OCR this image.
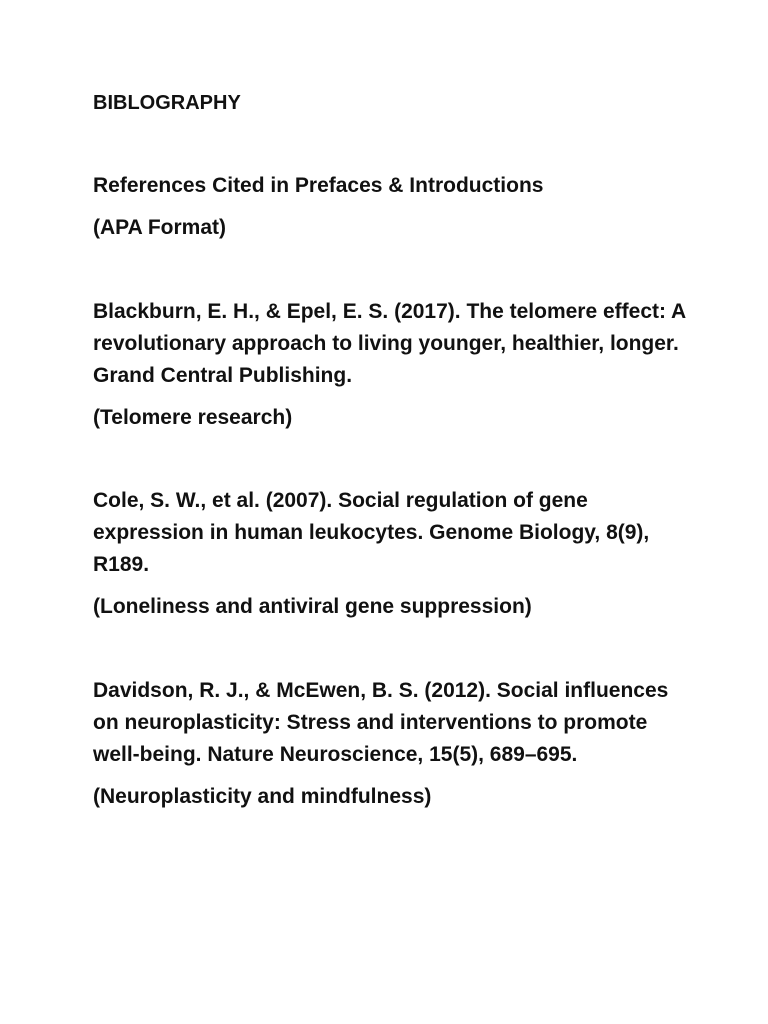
BIBLOGRAPHY
References Cited in Prefaces & Introductions
(APA Format)

Blackburn, E. H., & Epel, E. S. (2017). The telomere effect: A revolutionary approach to living younger, healthier, longer. Grand Central Publishing.

(Telomere research)

Cole, S. W., et al. (2007). Social regulation of gene expression in human leukocytes. Genome Biology, 8(9), R189.

(Loneliness and antiviral gene suppression)

Davidson, R. J., & McEwen, B. S. (2012). Social influences on neuroplasticity: Stress and interventions to promote well-being. Nature Neuroscience, 15(5), 689–695.

(Neuroplasticity and mindfulness)
